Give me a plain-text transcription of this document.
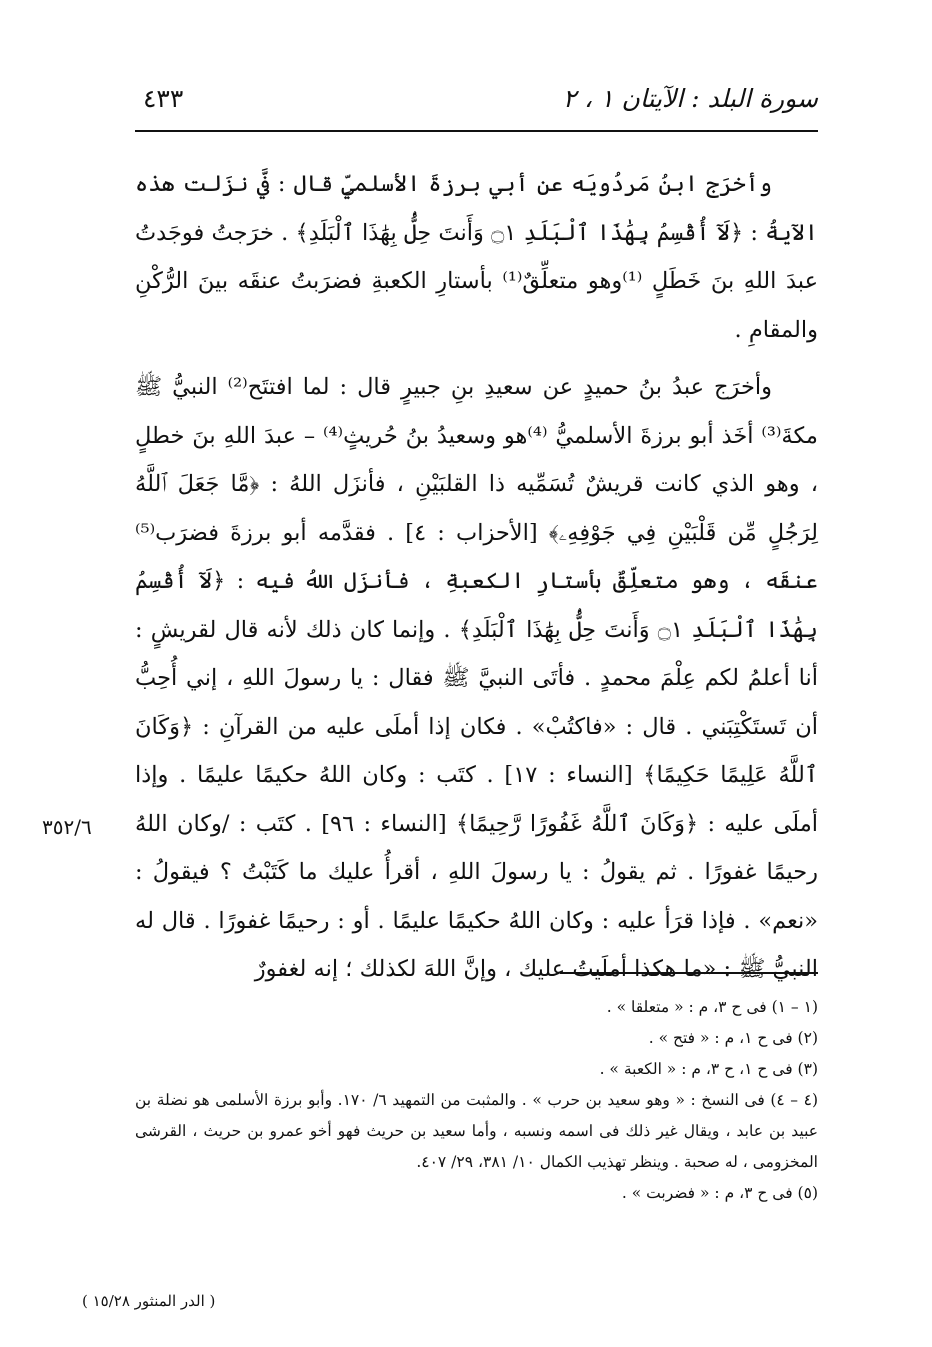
سورة البلد : الآيتان ١ ، ٢
٤٣٣

وأخرَج ابنُ مَردُويَه عن أبي برزةَ الأسلميِّ قال : فيَّ نزَلت هذه الآيةُ : ﴿لَآ أُقْسِمُ بِهَٰذَا ٱلْبَلَدِ ۝١ وَأَنتَ حِلُّۢ بِهَٰذَا ٱلْبَلَدِ﴾ . خرَجتُ فوجَدتُ عبدَ اللهِ بنَ خَطَلٍ ⁽¹⁾وهو متعلِّقٌ⁽¹⁾ بأستارِ الكعبةِ فضرَبتُ عنقَه بينَ الرُّكْنِ والمقامِ .

وأخرَج عبدُ بنُ حميدٍ عن سعيدِ بنِ جبيرٍ قال : لما افتتَح⁽²⁾ النبيُّ ﷺ مكةَ⁽³⁾ أخَذ أبو برزةَ الأسلميُّ ⁽⁴⁾هو وسعيدُ بنُ حُريثٍ⁽⁴⁾ – عبدَ اللهِ بنَ خطلٍ ، وهو الذي كانت قريشٌ تُسَمِّيه ذا القلبَيْنِ ، فأنزَل اللهُ : ﴿مَّا جَعَلَ ٱللَّهُ لِرَجُلٍ مِّن قَلْبَيْنِ فِي جَوْفِهِۦ﴾ [الأحزاب : ٤] . فقدَّمه أبو برزةَ فضرَب⁽⁵⁾ عنقَه ، وهو متعلِّقٌ بأستارِ الكعبةِ ، فأنزَل اللهُ فيه : ﴿لَآ أُقْسِمُ بِهَٰذَا ٱلْبَلَدِ ۝١ وَأَنتَ حِلُّۢ بِهَٰذَا ٱلْبَلَدِ﴾ . وإنما كان ذلك لأنه قال لقريشٍ : أنا أعلمُ لكم عِلْمَ محمدٍ . فأتَى النبيَّ ﷺ فقال : يا رسولَ اللهِ ، إني أُحِبُّ أن تَستَكْتِبَني . قال : «فاكتُبْ» . فكان إذا أملَى عليه من القرآنِ : ﴿وَكَانَ ٱللَّهُ عَلِيمًا حَكِيمًا﴾ [النساء : ١٧] . كتَب : وكان اللهُ حكيمًا عليمًا . وإذا أملَى عليه : ﴿وَكَانَ ٱللَّهُ غَفُورًا رَّحِيمًا﴾ [النساء : ٩٦] . كتَب : /وكان اللهُ رحيمًا غفورًا . ثم يقولُ : يا رسولَ اللهِ ، أقرأُ عليك ما كَتَبْتُ ؟ فيقولُ : «نعم» . فإذا قرَأ عليه : وكان اللهُ حكيمًا عليمًا . أو : رحيمًا غفورًا . قال له النبيُّ ﷺ : «ما هكذا أملَيتُ عليك ، وإنَّ اللهَ لكذلك ؛ إنه لغفورٌ

٣٥٢/٦

(١ – ١) فى ح ٣، م : « متعلقا » .

(٢) فى ح ١، م : « فتح » .

(٣) فى ح ١، ح ٣، م : « الكعبة » .

(٤ – ٤) فى النسخ : « وهو سعيد بن حرب » . والمثبت من التمهيد ٦/ ١٧٠. وأبو برزة الأسلمى هو نضلة بن عبيد بن عابد ، ويقال غير ذلك فى اسمه ونسبه ، وأما سعيد بن حريث فهو أخو عمرو بن حريث ، القرشى المخزومى ، له صحبة . وينظر تهذيب الكمال ١٠/ ٣٨١، ٢٩/ ٤٠٧.

(٥) فى ح ٣، م : « فضربت » .

( الدر المنثور ١٥/٢٨ )
